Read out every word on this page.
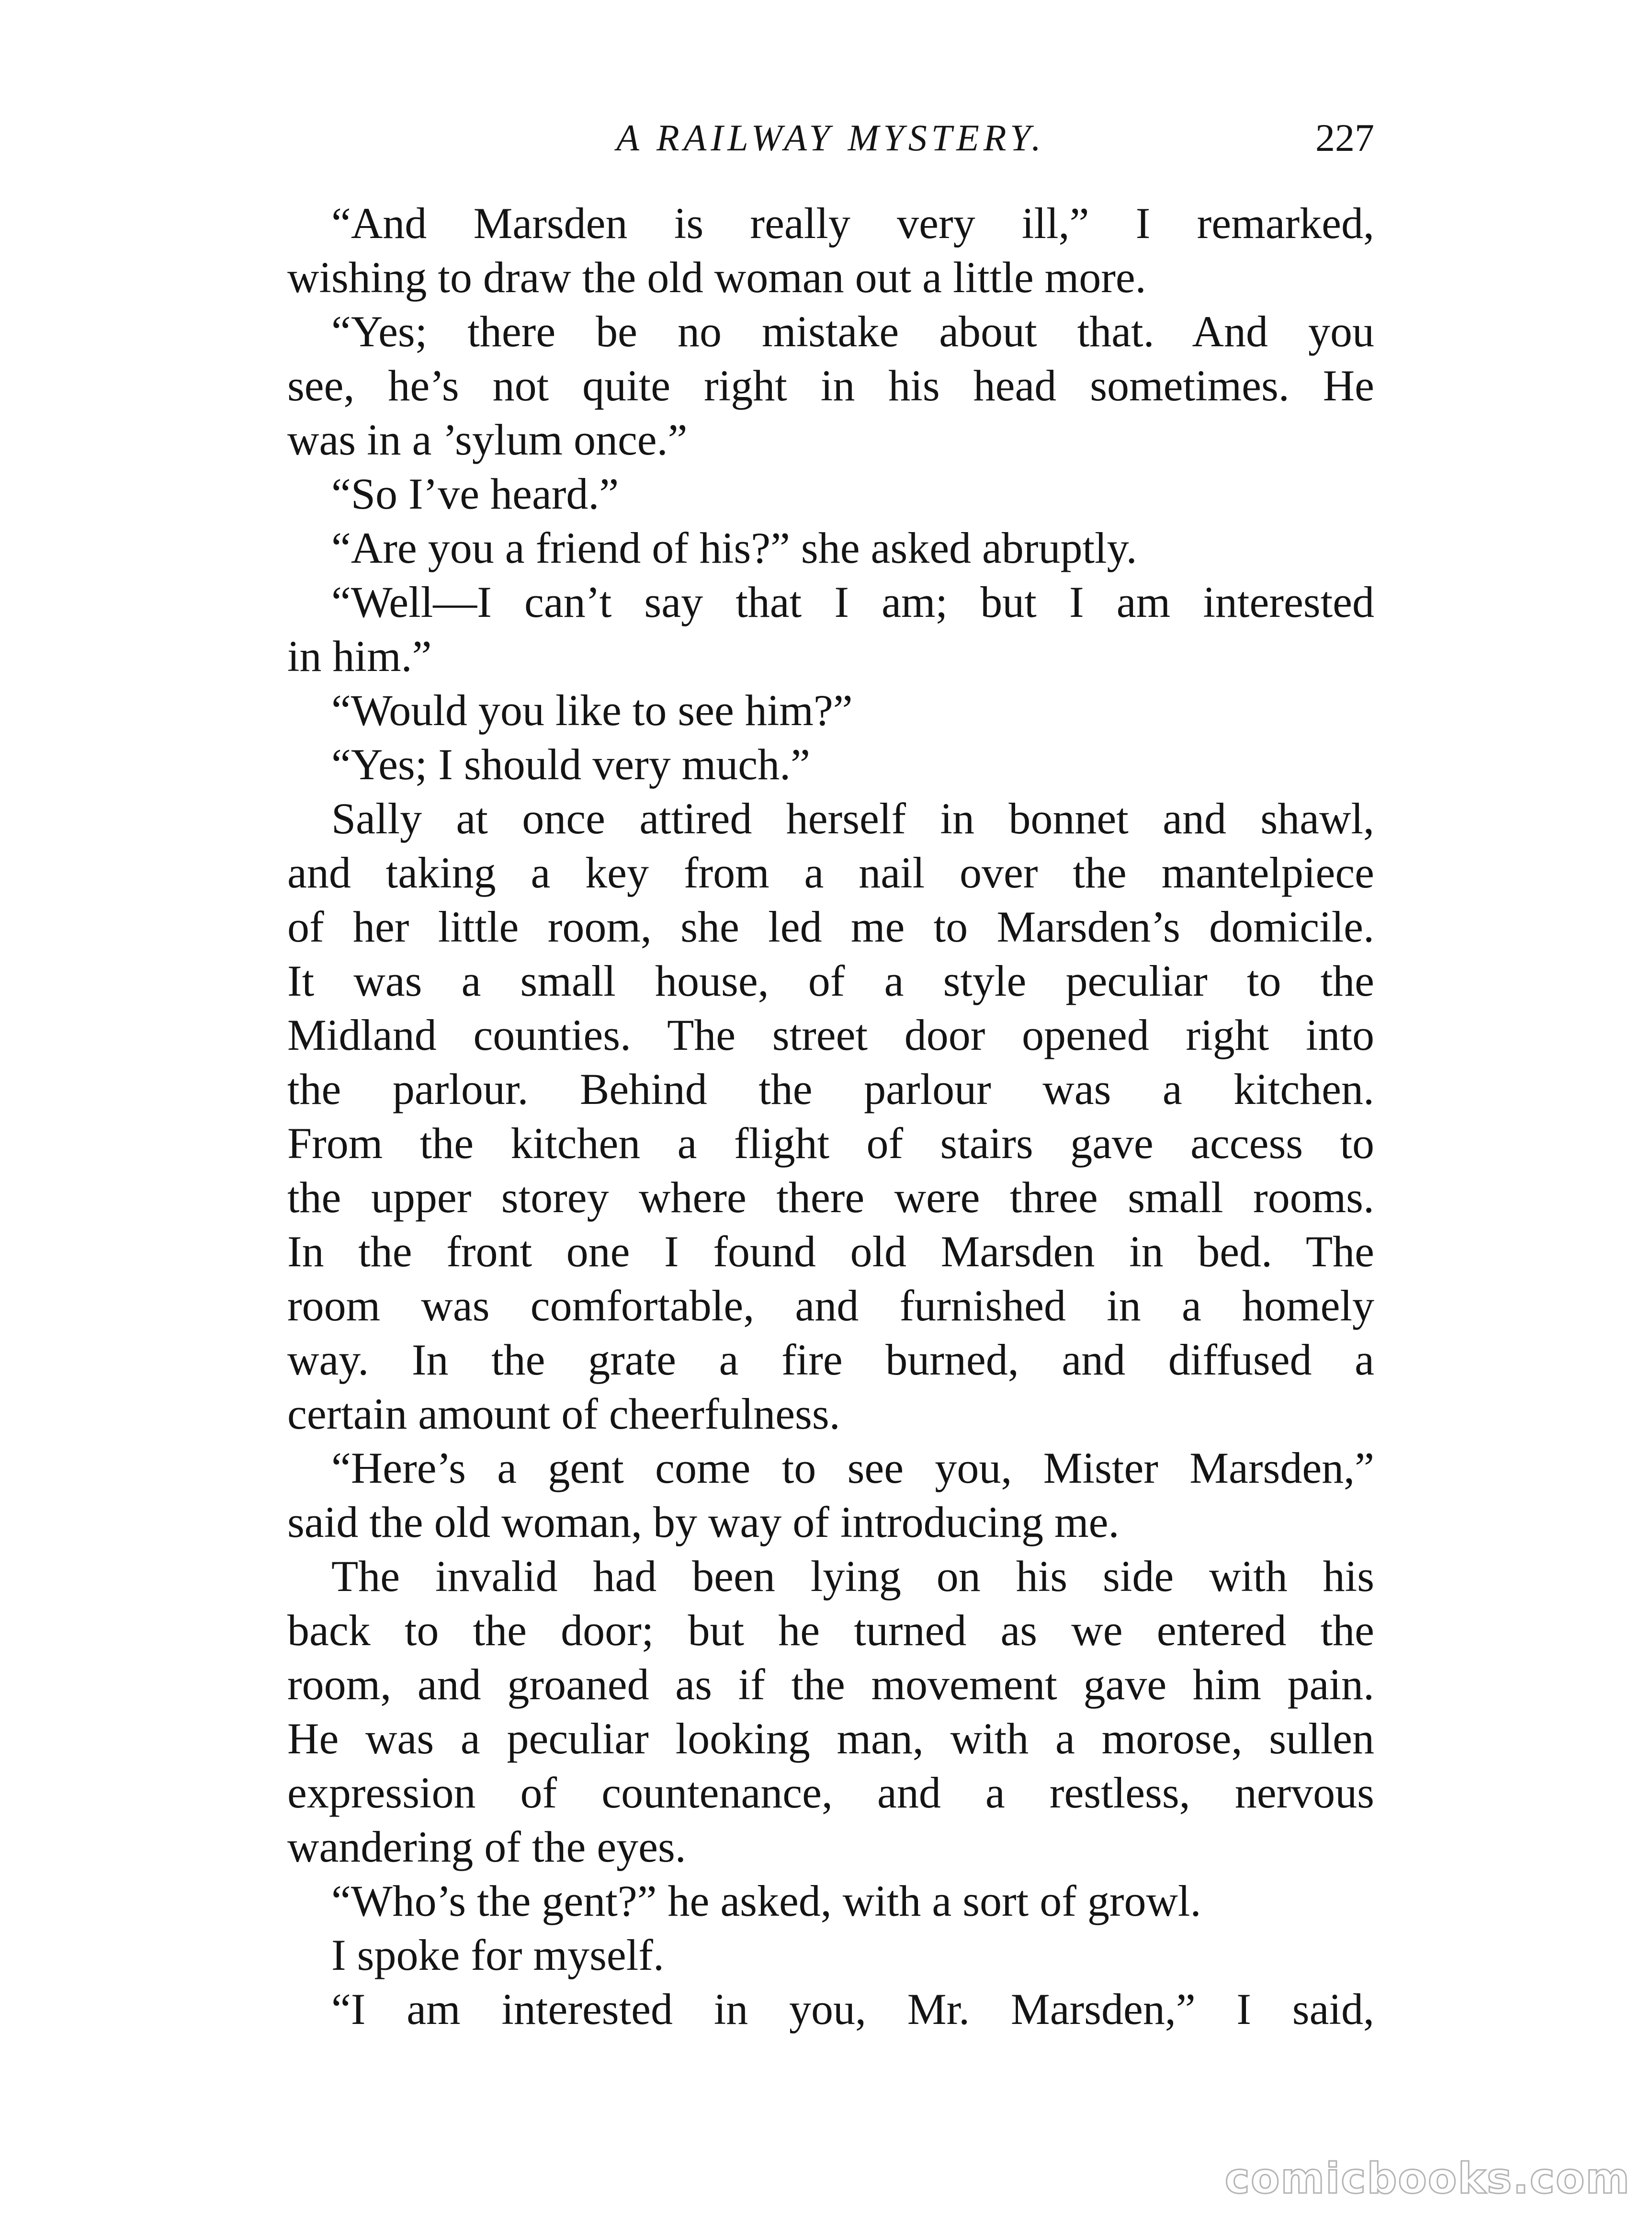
A RAILWAY MYSTERY.	227
“And Marsden is really very ill,” I remarked,
wishing to draw the old woman out a little more.
“Yes; there be no mistake about that. And you
see, he’s not quite right in his head sometimes. He
was in a ’sylum once.”
“So I’ve heard.”
“Are you a friend of his?” she asked abruptly.
“Well—I can’t say that I am; but I am interested
in him.”
“Would you like to see him?”
“Yes; I should very much.”
Sally at once attired herself in bonnet and shawl,
and taking a key from a nail over the mantelpiece
of her little room, she led me to Marsden’s domicile.
It was a small house, of a style peculiar to the
Midland counties. The street door opened right into
the parlour. Behind the parlour was a kitchen.
From the kitchen a flight of stairs gave access to
the upper storey where there were three small rooms.
In the front one I found old Marsden in bed. The
room was comfortable, and furnished in a homely
way. In the grate a fire burned, and diffused a
certain amount of cheerfulness.
“Here’s a gent come to see you, Mister Marsden,”
said the old woman, by way of introducing me.
The invalid had been lying on his side with his
back to the door; but he turned as we entered the
room, and groaned as if the movement gave him pain.
He was a peculiar looking man, with a morose, sullen
expression of countenance, and a restless, nervous
wandering of the eyes.
“Who’s the gent?” he asked, with a sort of growl.
I spoke for myself.
“I am interested in you, Mr. Marsden,” I said,
comicbooks.com
